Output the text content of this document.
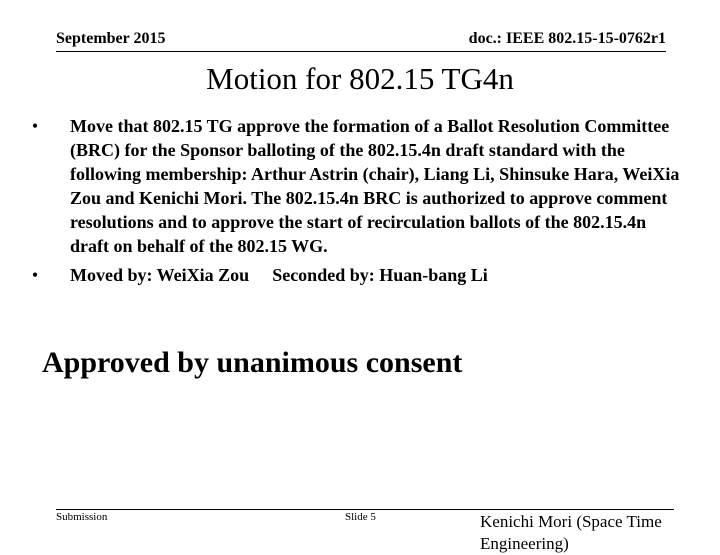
September 2015	doc.: IEEE 802.15-15-0762r1
Motion for 802.15 TG4n
• Move that 802.15 TG approve the formation of a Ballot Resolution Committee (BRC) for the Sponsor balloting of the 802.15.4n draft standard with the following membership: Arthur Astrin (chair), Liang Li, Shinsuke Hara, WeiXia Zou and Kenichi Mori. The 802.15.4n BRC is authorized to approve comment resolutions and to approve the start of recirculation ballots of the 802.15.4n draft on behalf of the 802.15 WG.
• Moved by: WeiXia Zou Seconded by: Huan-bang Li
Approved by unanimous consent
Submission	Slide 5	Kenichi Mori (Space Time Engineering)
